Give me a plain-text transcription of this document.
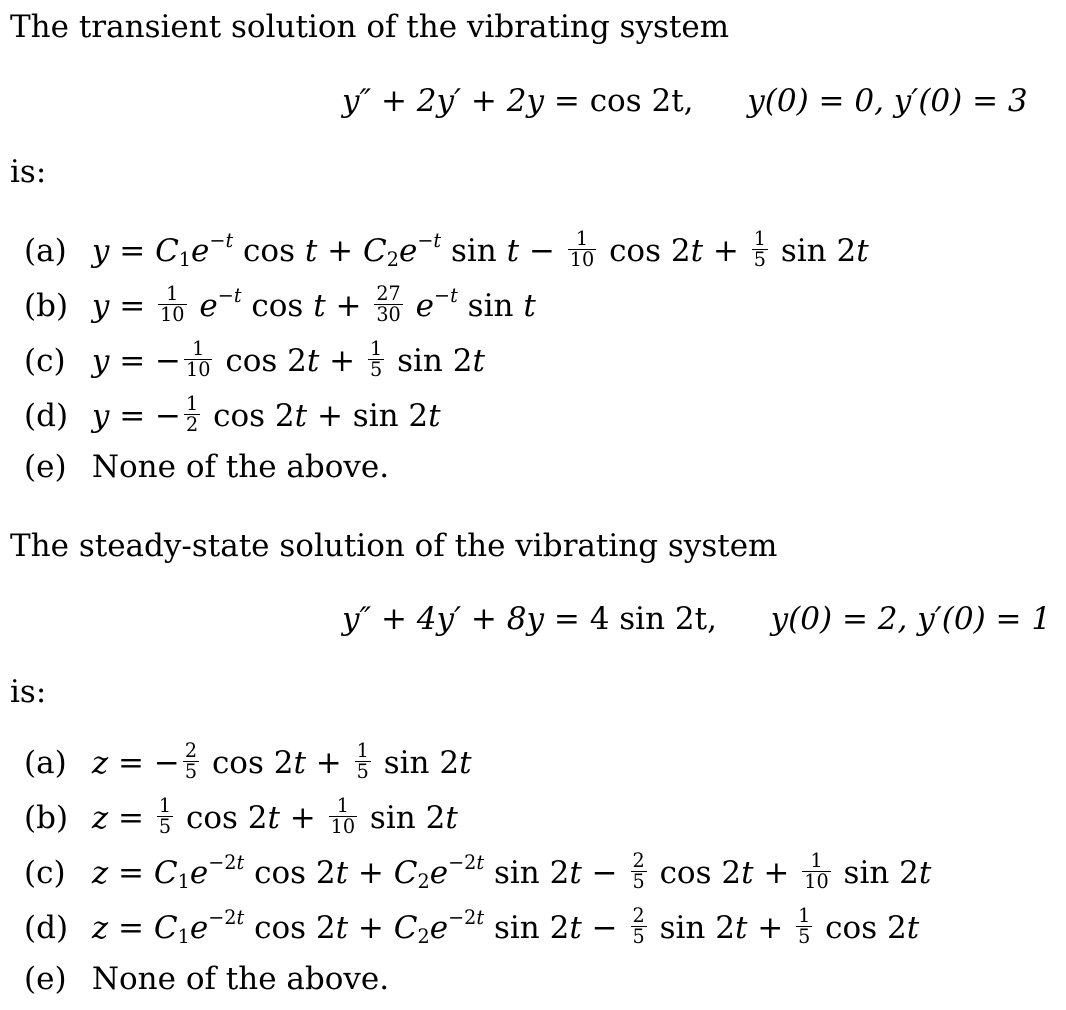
The transient solution of the vibrating system
y″ + 2y′ + 2y = cos 2t, y(0) = 0, y′(0) = 3
is:
(a) $y = C_1e^{-t}$ $\cos t + C_2e^{-t}$ $\sin t - \frac{1}{10}$ $\cos 2t + \frac{1}{5}$ sin 2t
(b) $y = \frac{1}{10} e^{-t}$ $\cos t + \frac{27}{30} e^{-t}$ sin t
(c) y = − $\frac{1}{10}$ $\cos 2t + \frac{1}{5}$ sin 2t
(d) y = − $\frac{1}{2}$ cos 2t + sin 2t
(e) None of the above.
The steady-state solution of the vibrating system
y″ + 4y′ + 8y = 4 sin 2t, y(0) = 2, y′(0) = 1
is:
(a) z = − $\frac{2}{5}$ $\cos 2t + \frac{1}{5}$ sin 2t
(b) $z = \frac{1}{5}$ $\cos 2t + \frac{1}{10}$ sin 2t
(c) $z = C_1e^{-2t}$ $\cos 2t + C_2e^{-2t}$ $\sin 2t - \frac{2}{5}$ $\cos 2t + \frac{1}{10}$ sin 2t
(d) $z = C_1e^{-2t}$ $\cos 2t + C_2e^{-2t}$ $\sin 2t - \frac{2}{5}$ $\sin 2t + \frac{1}{5}$ cos 2t
(e) None of the above.
